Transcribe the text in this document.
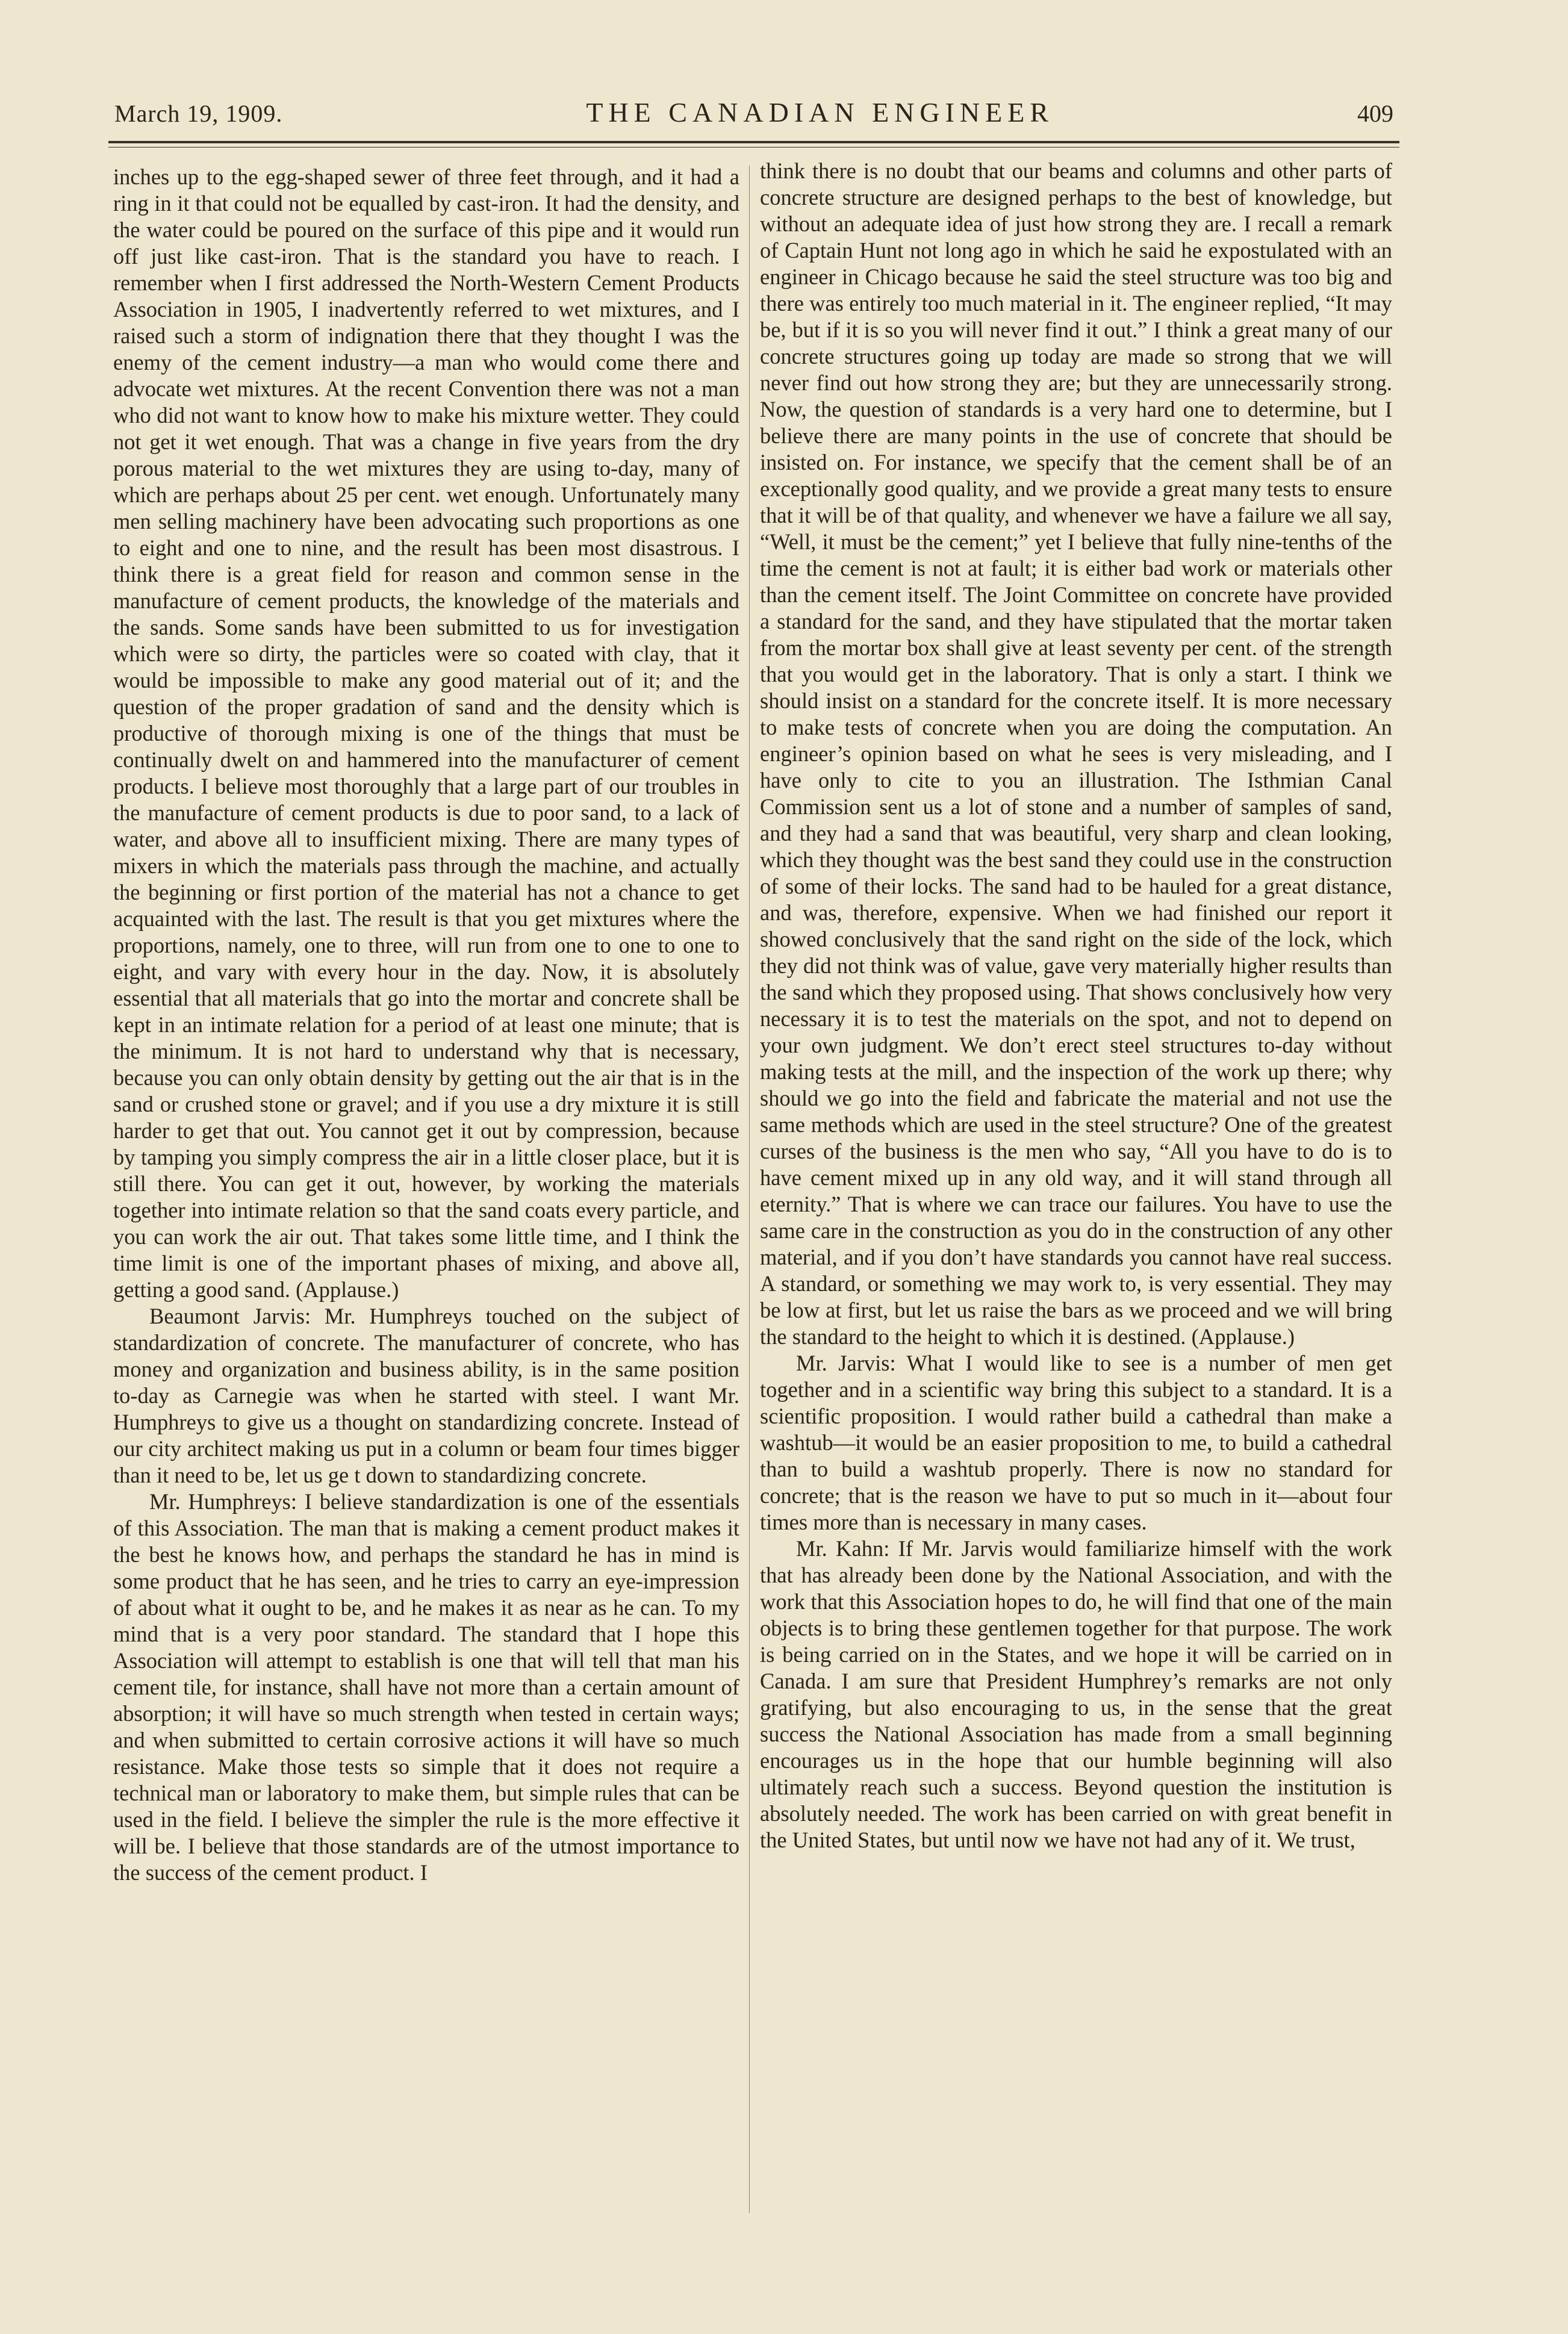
March 19, 1909.	THE CANADIAN ENGINEER	409

inches up to the egg-shaped sewer of three feet through, and it had a ring in it that could not be equalled by cast-iron. It had the density, and the water could be poured on the surface of this pipe and it would run off just like cast-iron. That is the standard you have to reach. I remember when I first addressed the North-Western Cement Products Association in 1905, I inadvertently referred to wet mixtures, and I raised such a storm of indignation there that they thought I was the enemy of the cement industry—a man who would come there and advocate wet mixtures. At the recent Convention there was not a man who did not want to know how to make his mixture wetter. They could not get it wet enough. That was a change in five years from the dry porous material to the wet mixtures they are using to-day, many of which are perhaps about 25 per cent. wet enough. Unfortunately many men selling machinery have been advocating such proportions as one to eight and one to nine, and the result has been most disastrous. I think there is a great field for reason and common sense in the manufacture of cement products, the knowledge of the materials and the sands. Some sands have been submitted to us for investigation which were so dirty, the particles were so coated with clay, that it would be impossible to make any good material out of it; and the question of the proper gradation of sand and the density which is productive of thorough mixing is one of the things that must be continually dwelt on and hammered into the manufacturer of cement products. I believe most thoroughly that a large part of our troubles in the manufacture of cement products is due to poor sand, to a lack of water, and above all to insufficient mixing. There are many types of mixers in which the materials pass through the machine, and actually the beginning or first portion of the material has not a chance to get acquainted with the last. The result is that you get mixtures where the proportions, namely, one to three, will run from one to one to one to eight, and vary with every hour in the day. Now, it is absolutely essential that all materials that go into the mortar and concrete shall be kept in an intimate relation for a period of at least one minute; that is the minimum. It is not hard to understand why that is necessary, because you can only obtain density by getting out the air that is in the sand or crushed stone or gravel; and if you use a dry mixture it is still harder to get that out. You cannot get it out by compression, because by tamping you simply compress the air in a little closer place, but it is still there. You can get it out, however, by working the materials together into intimate relation so that the sand coats every particle, and you can work the air out. That takes some little time, and I think the time limit is one of the important phases of mixing, and above all, getting a good sand. (Applause.)

Beaumont Jarvis: Mr. Humphreys touched on the subject of standardization of concrete. The manufacturer of concrete, who has money and organization and business ability, is in the same position to-day as Carnegie was when he started with steel. I want Mr. Humphreys to give us a thought on standardizing concrete. Instead of our city architect making us put in a column or beam four times bigger than it need to be, let us ge t down to standardizing concrete.

Mr. Humphreys: I believe standardization is one of the essentials of this Association. The man that is making a cement product makes it the best he knows how, and perhaps the standard he has in mind is some product that he has seen, and he tries to carry an eye-impression of about what it ought to be, and he makes it as near as he can. To my mind that is a very poor standard. The standard that I hope this Association will attempt to establish is one that will tell that man his cement tile, for instance, shall have not more than a certain amount of absorption; it will have so much strength when tested in certain ways; and when submitted to certain corrosive actions it will have so much resistance. Make those tests so simple that it does not require a technical man or laboratory to make them, but simple rules that can be used in the field. I believe the simpler the rule is the more effective it will be. I believe that those standards are of the utmost importance to the success of the cement product. I

think there is no doubt that our beams and columns and other parts of concrete structure are designed perhaps to the best of knowledge, but without an adequate idea of just how strong they are. I recall a remark of Captain Hunt not long ago in which he said he expostulated with an engineer in Chicago because he said the steel structure was too big and there was entirely too much material in it. The engineer replied, “It may be, but if it is so you will never find it out.” I think a great many of our concrete structures going up today are made so strong that we will never find out how strong they are; but they are unnecessarily strong. Now, the question of standards is a very hard one to determine, but I believe there are many points in the use of concrete that should be insisted on. For instance, we specify that the cement shall be of an exceptionally good quality, and we provide a great many tests to ensure that it will be of that quality, and whenever we have a failure we all say, “Well, it must be the cement;” yet I believe that fully nine-tenths of the time the cement is not at fault; it is either bad work or materials other than the cement itself. The Joint Committee on concrete have provided a standard for the sand, and they have stipulated that the mortar taken from the mortar box shall give at least seventy per cent. of the strength that you would get in the laboratory. That is only a start. I think we should insist on a standard for the concrete itself. It is more necessary to make tests of concrete when you are doing the computation. An engineer’s opinion based on what he sees is very misleading, and I have only to cite to you an illustration. The Isthmian Canal Commission sent us a lot of stone and a number of samples of sand, and they had a sand that was beautiful, very sharp and clean looking, which they thought was the best sand they could use in the construction of some of their locks. The sand had to be hauled for a great distance, and was, therefore, expensive. When we had finished our report it showed conclusively that the sand right on the side of the lock, which they did not think was of value, gave very materially higher results than the sand which they proposed using. That shows conclusively how very necessary it is to test the materials on the spot, and not to depend on your own judgment. We don’t erect steel structures to-day without making tests at the mill, and the inspection of the work up there; why should we go into the field and fabricate the material and not use the same methods which are used in the steel structure? One of the greatest curses of the business is the men who say, “All you have to do is to have cement mixed up in any old way, and it will stand through all eternity.” That is where we can trace our failures. You have to use the same care in the construction as you do in the construction of any other material, and if you don’t have standards you cannot have real success. A standard, or something we may work to, is very essential. They may be low at first, but let us raise the bars as we proceed and we will bring the standard to the height to which it is destined. (Applause.)

Mr. Jarvis: What I would like to see is a number of men get together and in a scientific way bring this subject to a standard. It is a scientific proposition. I would rather build a cathedral than make a washtub—it would be an easier proposition to me, to build a cathedral than to build a washtub properly. There is now no standard for concrete; that is the reason we have to put so much in it—about four times more than is necessary in many cases.

Mr. Kahn: If Mr. Jarvis would familiarize himself with the work that has already been done by the National Association, and with the work that this Association hopes to do, he will find that one of the main objects is to bring these gentlemen together for that purpose. The work is being carried on in the States, and we hope it will be carried on in Canada. I am sure that President Humphrey’s remarks are not only gratifying, but also encouraging to us, in the sense that the great success the National Association has made from a small beginning encourages us in the hope that our humble beginning will also ultimately reach such a success. Beyond question the institution is absolutely needed. The work has been carried on with great benefit in the United States, but until now we have not had any of it. We trust,
